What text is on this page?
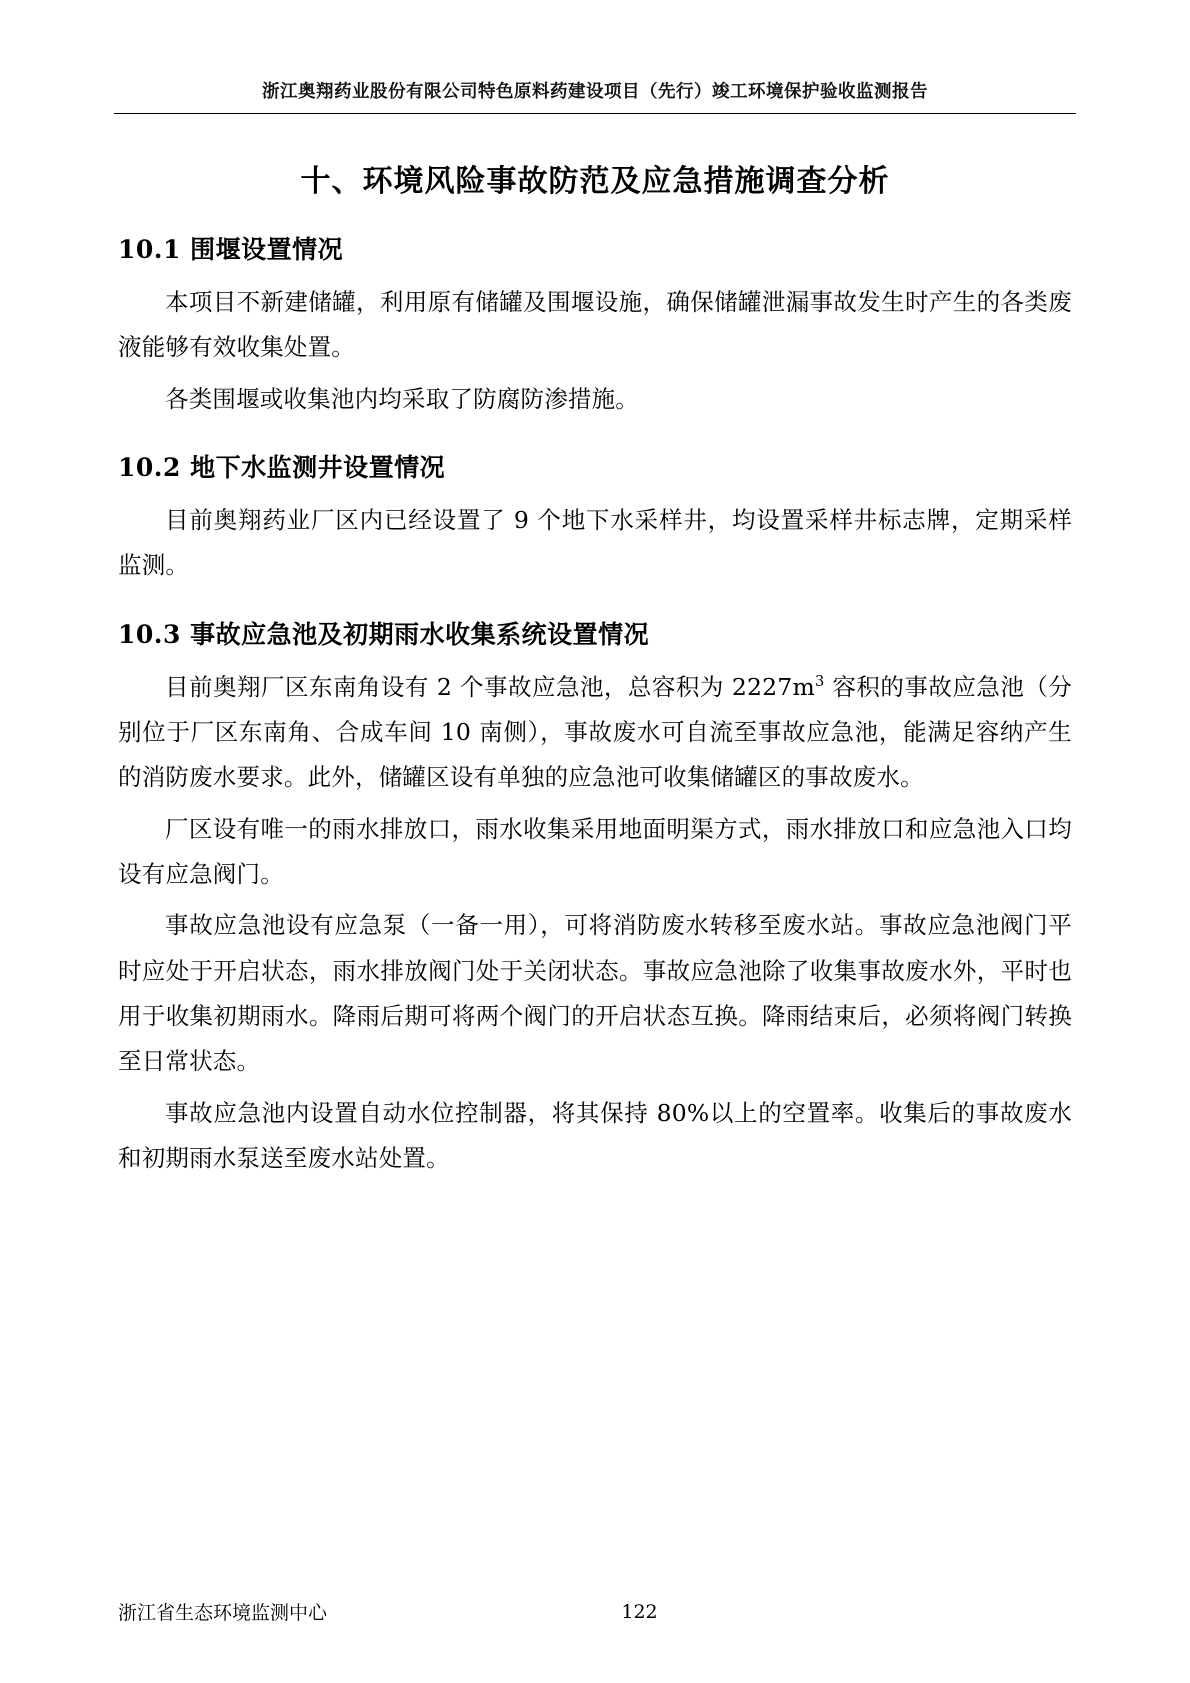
浙江奥翔药业股份有限公司特色原料药建设项目（先行）竣工环境保护验收监测报告
十、环境风险事故防范及应急措施调查分析
10.1 围堰设置情况

本项目不新建储罐，利用原有储罐及围堰设施，确保储罐泄漏事故发生时产生的各类废液能够有效收集处置。

各类围堰或收集池内均采取了防腐防渗措施。

10.2 地下水监测井设置情况

目前奥翔药业厂区内已经设置了 9 个地下水采样井，均设置采样井标志牌，定期采样监测。

10.3 事故应急池及初期雨水收集系统设置情况

目前奥翔厂区东南角设有 2 个事故应急池，总容积为 $2227m^3$ 容积的事故应急池（分别位于厂区东南角、合成车间 10 南侧），事故废水可自流至事故应急池，能满足容纳产生的消防废水要求。此外，储罐区设有单独的应急池可收集储罐区的事故废水。

厂区设有唯一的雨水排放口，雨水收集采用地面明渠方式，雨水排放口和应急池入口均设有应急阀门。

事故应急池设有应急泵（一备一用），可将消防废水转移至废水站。事故应急池阀门平时应处于开启状态，雨水排放阀门处于关闭状态。事故应急池除了收集事故废水外，平时也用于收集初期雨水。降雨后期可将两个阀门的开启状态互换。降雨结束后，必须将阀门转换至日常状态。

事故应急池内设置自动水位控制器，将其保持 80%以上的空置率。收集后的事故废水和初期雨水泵送至废水站处置。

浙江省生态环境监测中心	122
